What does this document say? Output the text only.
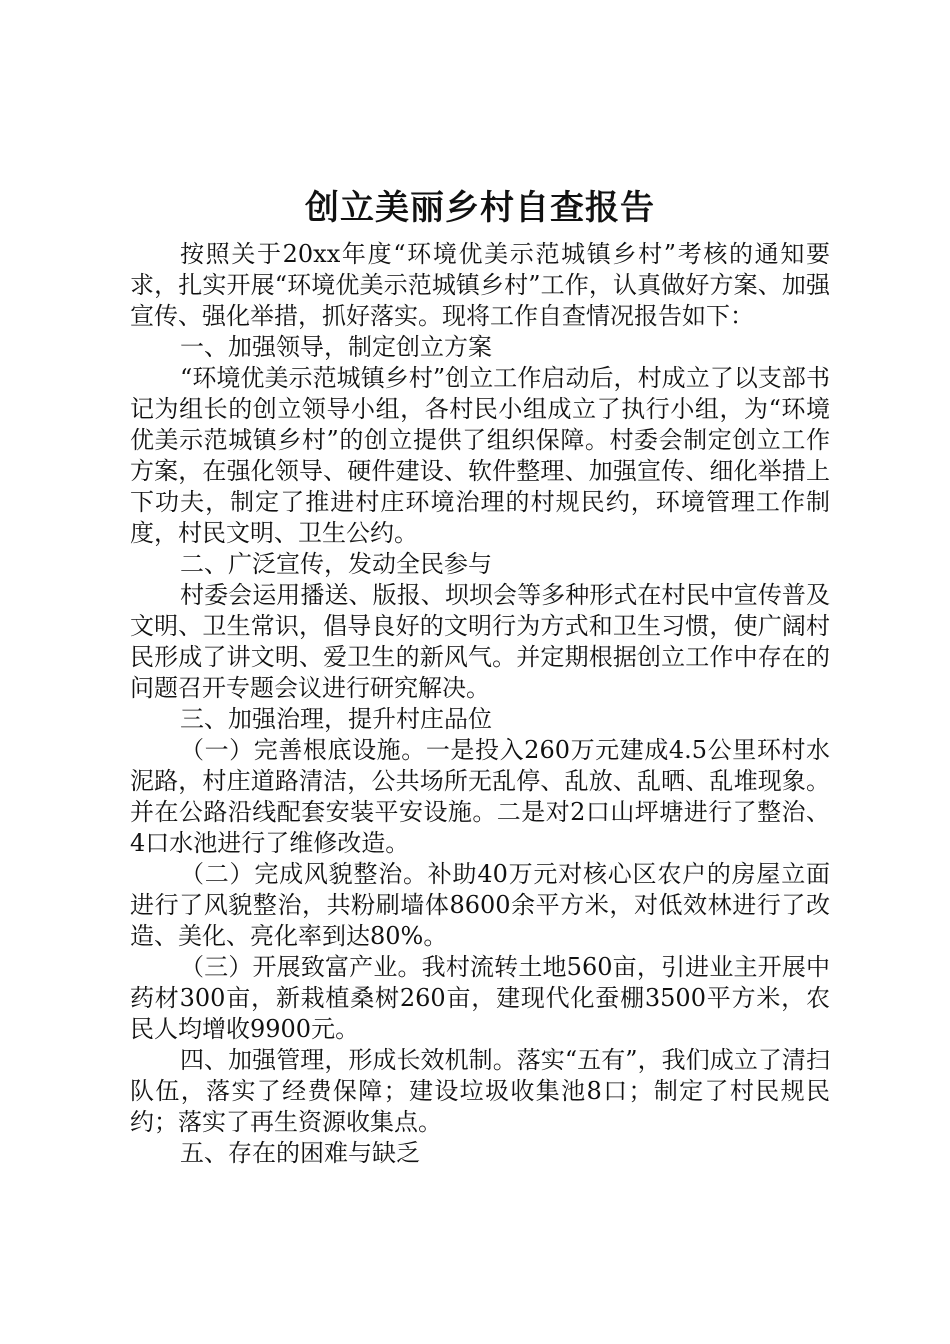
创立美丽乡村自查报告

按照关于20xx年度“环境优美示范城镇乡村”考核的通知要求，扎实开展“环境优美示范城镇乡村”工作，认真做好方案、加强宣传、强化举措，抓好落实。现将工作自查情况报告如下：

一、加强领导，制定创立方案

“环境优美示范城镇乡村”创立工作启动后，村成立了以支部书记为组长的创立领导小组，各村民小组成立了执行小组，为“环境优美示范城镇乡村”的创立提供了组织保障。村委会制定创立工作方案，在强化领导、硬件建设、软件整理、加强宣传、细化举措上下功夫，制定了推进村庄环境治理的村规民约，环境管理工作制度，村民文明、卫生公约。

二、广泛宣传，发动全民参与

村委会运用播送、版报、坝坝会等多种形式在村民中宣传普及文明、卫生常识，倡导良好的文明行为方式和卫生习惯，使广阔村民形成了讲文明、爱卫生的新风气。并定期根据创立工作中存在的问题召开专题会议进行研究解决。

三、加强治理，提升村庄品位

（一）完善根底设施。一是投入260万元建成4.5公里环村水泥路，村庄道路清洁，公共场所无乱停、乱放、乱晒、乱堆现象。并在公路沿线配套安装平安设施。二是对2口山坪塘进行了整治、4口水池进行了维修改造。

（二）完成风貌整治。补助40万元对核心区农户的房屋立面进行了风貌整治，共粉刷墙体8600余平方米，对低效林进行了改造、美化、亮化率到达80%。

（三）开展致富产业。我村流转土地560亩，引进业主开展中药材300亩，新栽植桑树260亩，建现代化蚕棚3500平方米，农民人均增收9900元。

四、加强管理，形成长效机制。落实“五有”，我们成立了清扫队伍，落实了经费保障；建设垃圾收集池8口；制定了村民规民约；落实了再生资源收集点。

五、存在的困难与缺乏
